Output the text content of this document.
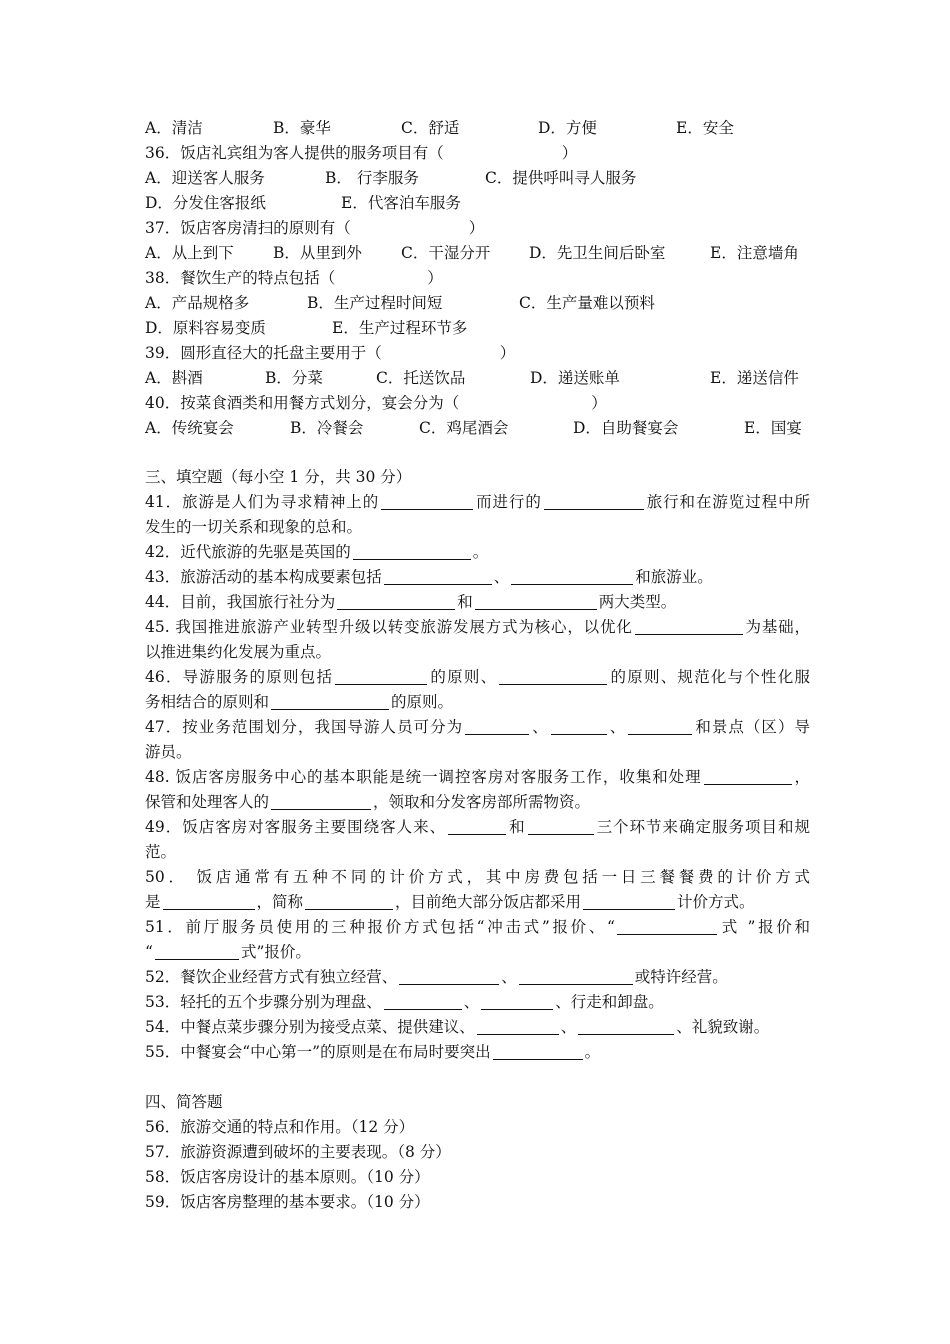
A．清洁	B．豪华	C．舒适	D．方便	E．安全
36．饭店礼宾组为客人提供的服务项目有（	）
A．迎送客人服务	B． 行李服务	C．提供呼叫寻人服务
D．分发住客报纸	E．代客泊车服务
37．饭店客房清扫的原则有（	）
A．从上到下	B．从里到外	C．干湿分开 D．先卫生间后卧室	E．注意墙角
38．餐饮生产的特点包括（	）
A．产品规格多	B．生产过程时间短	C．生产量难以预料
D．原料容易变质	E．生产过程环节多
39．圆形直径大的托盘主要用于（	）
A．斟酒	B．分菜	C．托送饮品	D．递送账单	E．递送信件
40．按菜食酒类和用餐方式划分，宴会分为（	）
A．传统宴会	B．冷餐会	C．鸡尾酒会	D．自助餐宴会	E．国宴
三、填空题（每小空 1 分，共 30 分）
41．旅游是人们为寻求精神上的	而进行的	旅行和在游览过程中所
发生的一切关系和现象的总和。
42．近代旅游的先驱是英国的	。
43．旅游活动的基本构成要素包括	、	和旅游业。
44．目前，我国旅行社分为	和	两大类型。
45. 我国推进旅游产业转型升级以转变旅游发展方式为核心，以优化	为基础，
以推进集约化发展为重点。
46．导游服务的原则包括	的原则、	的原则、规范化与个性化服
务相结合的原则和	的原则。
47．按业务范围划分，我国导游人员可分为	、	、	和景点（区）导
游员。
48. 饭店客房服务中心的基本职能是统一调控客房对客服务工作，收集和处理	，
保管和处理客人的	，领取和分发客房部所需物资。
49．饭店客房对客服务主要围绕客人来、	和	三个环节来确定服务项目和规
范。
50． 饭店通常有五种不同的计价方式，其中房费包括一日三餐餐费的计价方式
是	，简称	，目前绝大部分饭店都采用	计价方式。
51．前厅服务员使用的三种报价方式包括“冲击式”报价、“	式 ”报价和
“	式”报价。
52．餐饮企业经营方式有独立经营、	、	或特许经营。
53．轻托的五个步骤分别为理盘、	、	、行走和卸盘。
54．中餐点菜步骤分别为接受点菜、提供建议、	、	、礼貌致谢。
55．中餐宴会“中心第一”的原则是在布局时要突出	。
四、简答题
56．旅游交通的特点和作用。（12 分）
57．旅游资源遭到破坏的主要表现。（8 分）
58．饭店客房设计的基本原则。（10 分）
59．饭店客房整理的基本要求。（10 分）
